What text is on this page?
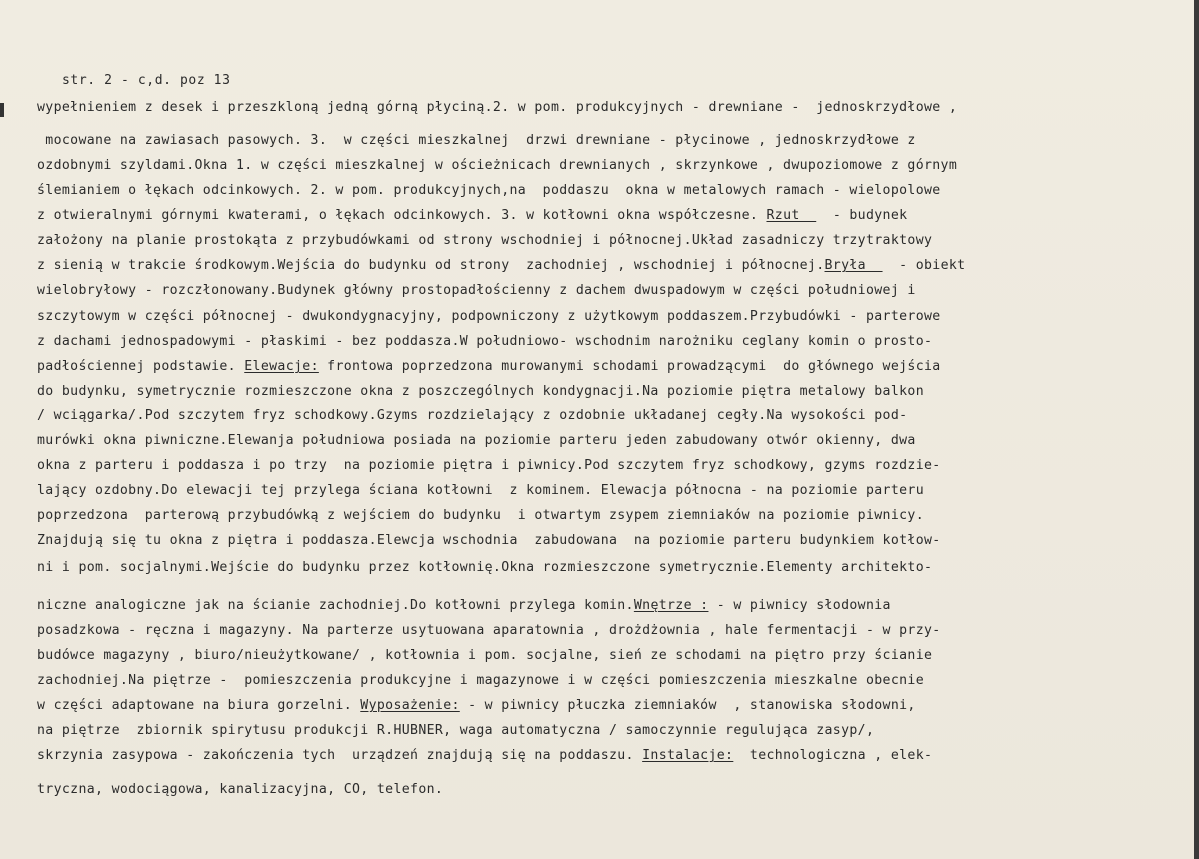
str. 2 - c,d. poz 13
wypełnieniem z desek i przeszkloną jedną górną płyciną.2. w pom. produkcyjnych - drewniane -  jednoskrzydłowe ,
mocowane na zawiasach pasowych. 3.  w części mieszkalnej  drzwi drewniane - płycinowe , jednoskrzydłowe z
ozdobnymi szyldami.Okna 1. w części mieszkalnej w ościeżnicach drewnianych , skrzynkowe , dwupoziomowe z górnym
ślemianiem o łękach odcinkowych. 2. w pom. produkcyjnych,na  poddaszu  okna w metalowych ramach - wielopolowe
z otwieralnymi górnymi kwaterami, o łękach odcinkowych. 3. w kotłowni okna współczesne. Rzut    - budynek
założony na planie prostokąta z przybudówkami od strony wschodniej i północnej.Układ zasadniczy trzytraktowy
z sienią w trakcie środkowym.Wejścia do budynku od strony  zachodniej , wschodniej i północnej.Bryła    - obiekt
wielobryłowy - rozczłonowany.Budynek główny prostopadłościenny z dachem dwuspadowym w części południowej i
szczytowym w części północnej - dwukondygnacyjny, podpowniczony z użytkowym poddaszem.Przybudówki - parterowe
z dachami jednospadowymi - płaskimi - bez poddasza.W południowo- wschodnim narożniku ceglany komin o prosto-
padłościennej podstawie. Elewacje: frontowa poprzedzona murowanymi schodami prowadzącymi  do głównego wejścia
do budynku, symetrycznie rozmieszczone okna z poszczególnych kondygnacji.Na poziomie piętra metalowy balkon
/ wciągarka/.Pod szczytem fryz schodkowy.Gzyms rozdzielający z ozdobnie układanej cegły.Na wysokości pod-
murówki okna piwniczne.Elewanja południowa posiada na poziomie parteru jeden zabudowany otwór okienny, dwa
okna z parteru i poddasza i po trzy  na poziomie piętra i piwnicy.Pod szczytem fryz schodkowy, gzyms rozdzie-
lający ozdobny.Do elewacji tej przylega ściana kotłowni  z kominem. Elewacja północna - na poziomie parteru
poprzedzona  parterową przybudówką z wejściem do budynku  i otwartym zsypem ziemniaków na poziomie piwnicy.
Znajdują się tu okna z piętra i poddasza.Elewcja wschodnia  zabudowana  na poziomie parteru budynkiem kotłow-
ni i pom. socjalnymi.Wejście do budynku przez kotłownię.Okna rozmieszczone symetrycznie.Elementy architekto-
niczne analogiczne jak na ścianie zachodniej.Do kotłowni przylega komin.Wnętrze : - w piwnicy słodownia
posadzkowa - ręczna i magazyny. Na parterze usytuowana aparatownia , drożdżownia , hale fermentacji - w przy-
budówce magazyny , biuro/nieużytkowane/ , kotłownia i pom. socjalne, sień ze schodami na piętro przy ścianie
zachodniej.Na piętrze -  pomieszczenia produkcyjne i magazynowe i w części pomieszczenia mieszkalne obecnie
w części adaptowane na biura gorzelni. Wyposażenie: - w piwnicy płuczka ziemniaków  , stanowiska słodowni,
na piętrze  zbiornik spirytusu produkcji R.HUBNER, waga automatyczna / samoczynnie regulująca zasyp/,
skrzynia zasypowa - zakończenia tych  urządzeń znajdują się na poddaszu. Instalacje:  technologiczna , elek-
tryczna, wodociągowa, kanalizacyjna, CO, telefon.
